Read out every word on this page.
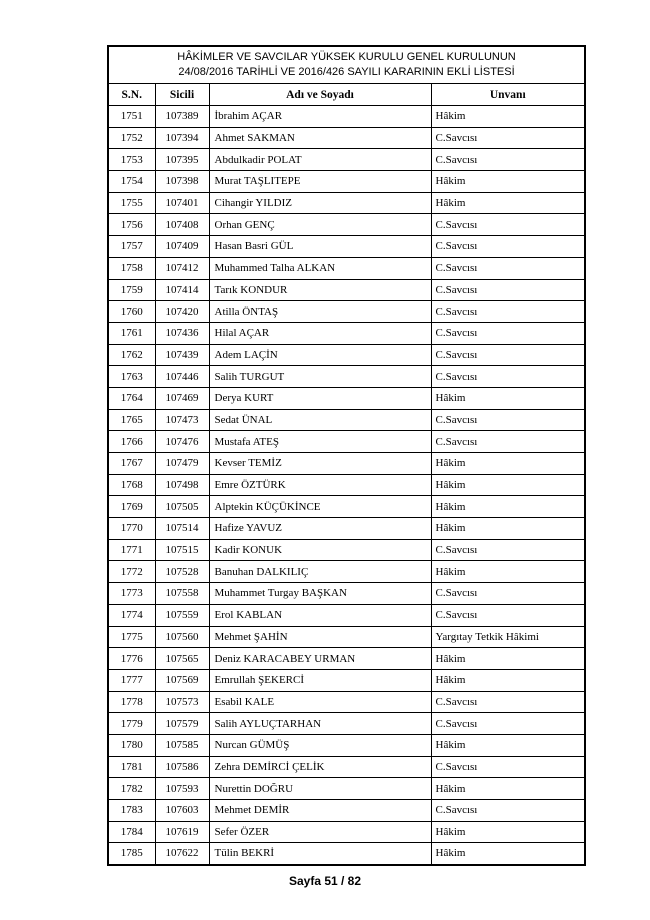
HÂKİMLER VE SAVCILAR YÜKSEK KURULU GENEL KURULUNUN
24/08/2016 TARİHLİ VE 2016/426 SAYILI KARARININ EKLİ LİSTESİ			
S.N.	Sicili	Adı ve Soyadı	Unvanı
1751	107389	İbrahim AÇAR	Hâkim
1752	107394	Ahmet SAKMAN	C.Savcısı
1753	107395	Abdulkadir POLAT	C.Savcısı
1754	107398	Murat TAŞLITEPE	Hâkim
1755	107401	Cihangir YILDIZ	Hâkim
1756	107408	Orhan GENÇ	C.Savcısı
1757	107409	Hasan Basri GÜL	C.Savcısı
1758	107412	Muhammed Talha ALKAN	C.Savcısı
1759	107414	Tarık KONDUR	C.Savcısı
1760	107420	Atilla ÖNTAŞ	C.Savcısı
1761	107436	Hilal AÇAR	C.Savcısı
1762	107439	Adem LAÇİN	C.Savcısı
1763	107446	Salih TURGUT	C.Savcısı
1764	107469	Derya KURT	Hâkim
1765	107473	Sedat ÜNAL	C.Savcısı
1766	107476	Mustafa ATEŞ	C.Savcısı
1767	107479	Kevser TEMİZ	Hâkim
1768	107498	Emre ÖZTÜRK	Hâkim
1769	107505	Alptekin KÜÇÜKİNCE	Hâkim
1770	107514	Hafize YAVUZ	Hâkim
1771	107515	Kadir KONUK	C.Savcısı
1772	107528	Banuhan DALKILIÇ	Hâkim
1773	107558	Muhammet Turgay BAŞKAN	C.Savcısı
1774	107559	Erol KABLAN	C.Savcısı
1775	107560	Mehmet ŞAHİN	Yargıtay Tetkik Hâkimi
1776	107565	Deniz KARACABEY URMAN	Hâkim
1777	107569	Emrullah ŞEKERCİ	Hâkim
1778	107573	Esabil KALE	C.Savcısı
1779	107579	Salih AYLUÇTARHAN	C.Savcısı
1780	107585	Nurcan GÜMÜŞ	Hâkim
1781	107586	Zehra DEMİRCİ ÇELİK	C.Savcısı
1782	107593	Nurettin DOĞRU	Hâkim
1783	107603	Mehmet DEMİR	C.Savcısı
1784	107619	Sefer ÖZER	Hâkim
1785	107622	Tülin BEKRİ	Hâkim
Sayfa 51 / 82
